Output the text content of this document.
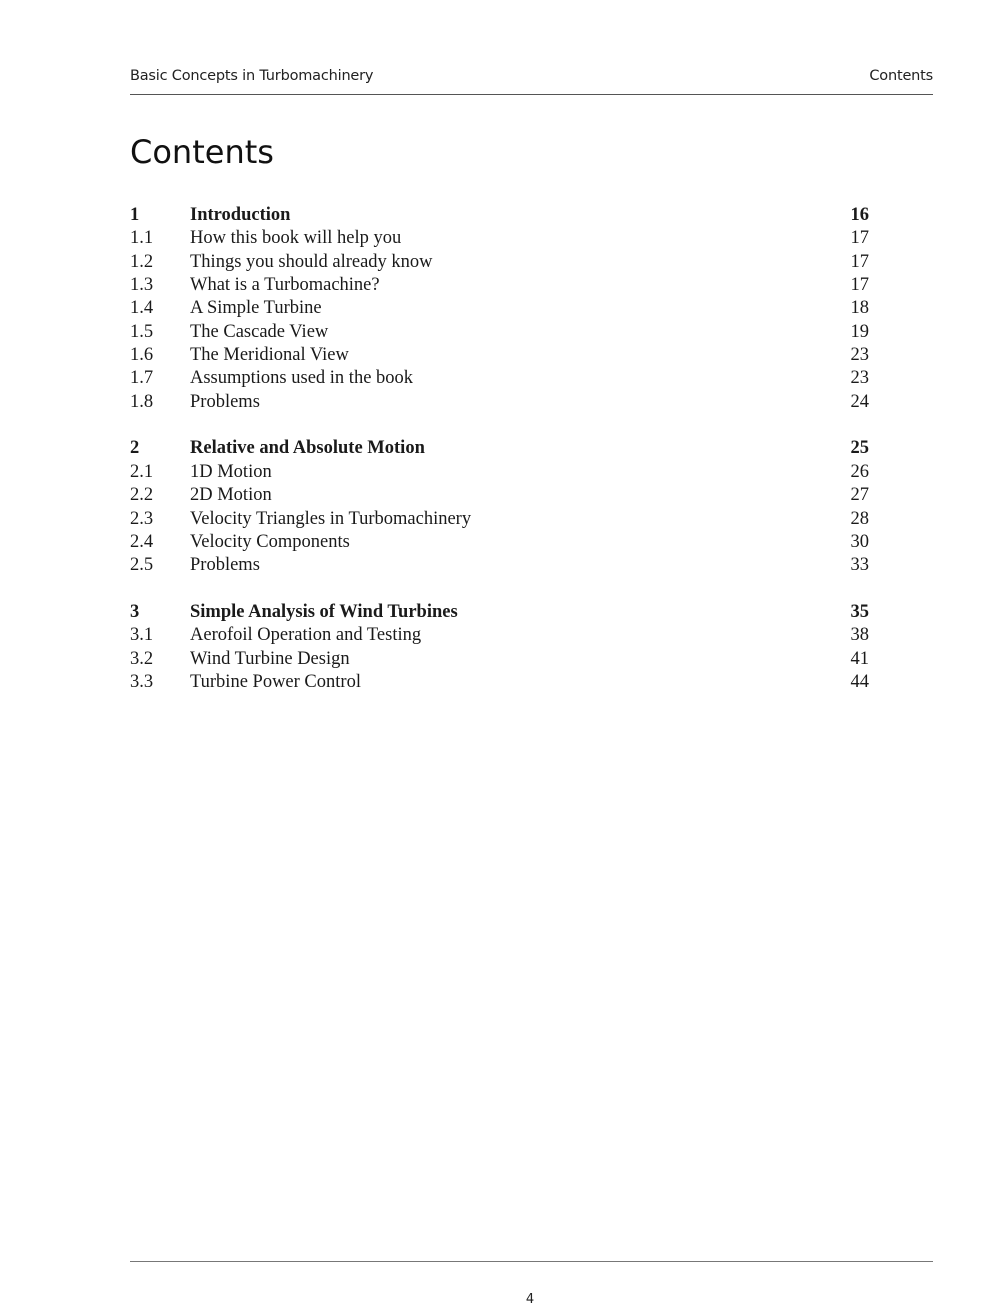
Basic Concepts in Turbomachinery	Contents
Contents
1	Introduction	16
1.1 How this book will help you	17
1.2 Things you should already know	17
1.3 What is a Turbomachine?	17
1.4 A Simple Turbine	18
1.5 The Cascade View	19
1.6 The Meridional View	23
1.7 Assumptions used in the book	23
1.8 Problems	24
2	Relative and Absolute Motion	25
2.1 1D Motion	26
2.2 2D Motion	27
2.3 Velocity Triangles in Turbomachinery	28
2.4 Velocity Components	30
2.5 Problems	33
3	Simple Analysis of Wind Turbines	35
3.1 Aerofoil Operation and Testing	38
3.2 Wind Turbine Design	41
3.3 Turbine Power Control	44
4
